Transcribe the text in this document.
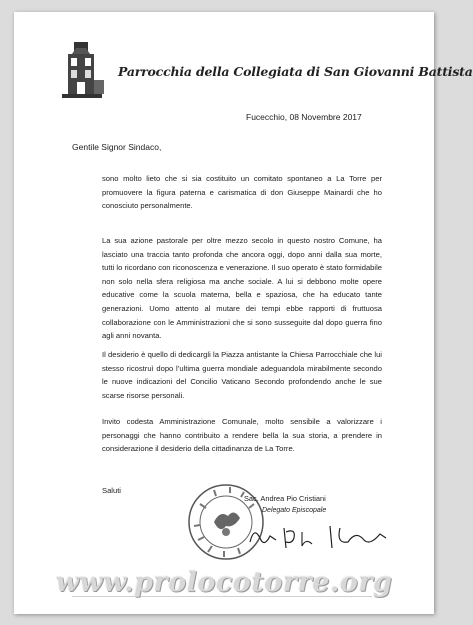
Parrocchia della Collegiata di San Giovanni Battista
Fucecchio, 08 Novembre 2017
Gentile Signor Sindaco,
sono molto lieto che si sia costituito un comitato spontaneo a La Torre per promuovere la figura paterna e carismatica di don Giuseppe Mainardi che ho conosciuto personalmente.
La sua azione pastorale per oltre mezzo secolo in questo nostro Comune, ha lasciato una traccia tanto profonda che ancora oggi, dopo anni dalla sua morte, tutti lo ricordano con riconoscenza e venerazione. Il suo operato è stato formidabile non solo nella sfera religiosa ma anche sociale. A lui si debbono molte opere educative come la scuola materna, bella e spaziosa, che ha educato tante generazioni. Uomo attento al mutare dei tempi ebbe rapporti di fruttuosa collaborazione con le Amministrazioni che si sono susseguite dal dopo guerra fino agli anni novanta.
Il desiderio è quello di dedicargli la Piazza antistante la Chiesa Parrocchiale che lui stesso ricostruì dopo l’ultima guerra mondiale adeguandola mirabilmente secondo le nuove indicazioni del Concilio Vaticano Secondo profondendo anche le sue scarse risorse personali.
Invito codesta Amministrazione Comunale, molto sensibile a valorizzare i personaggi che hanno contribuito a rendere bella la sua storia, a prendere in considerazione il desiderio della cittadinanza de La Torre.
Saluti
Sac. Andrea Pio Cristiani
Delegato Episcopale
www.prolocotorre.org
